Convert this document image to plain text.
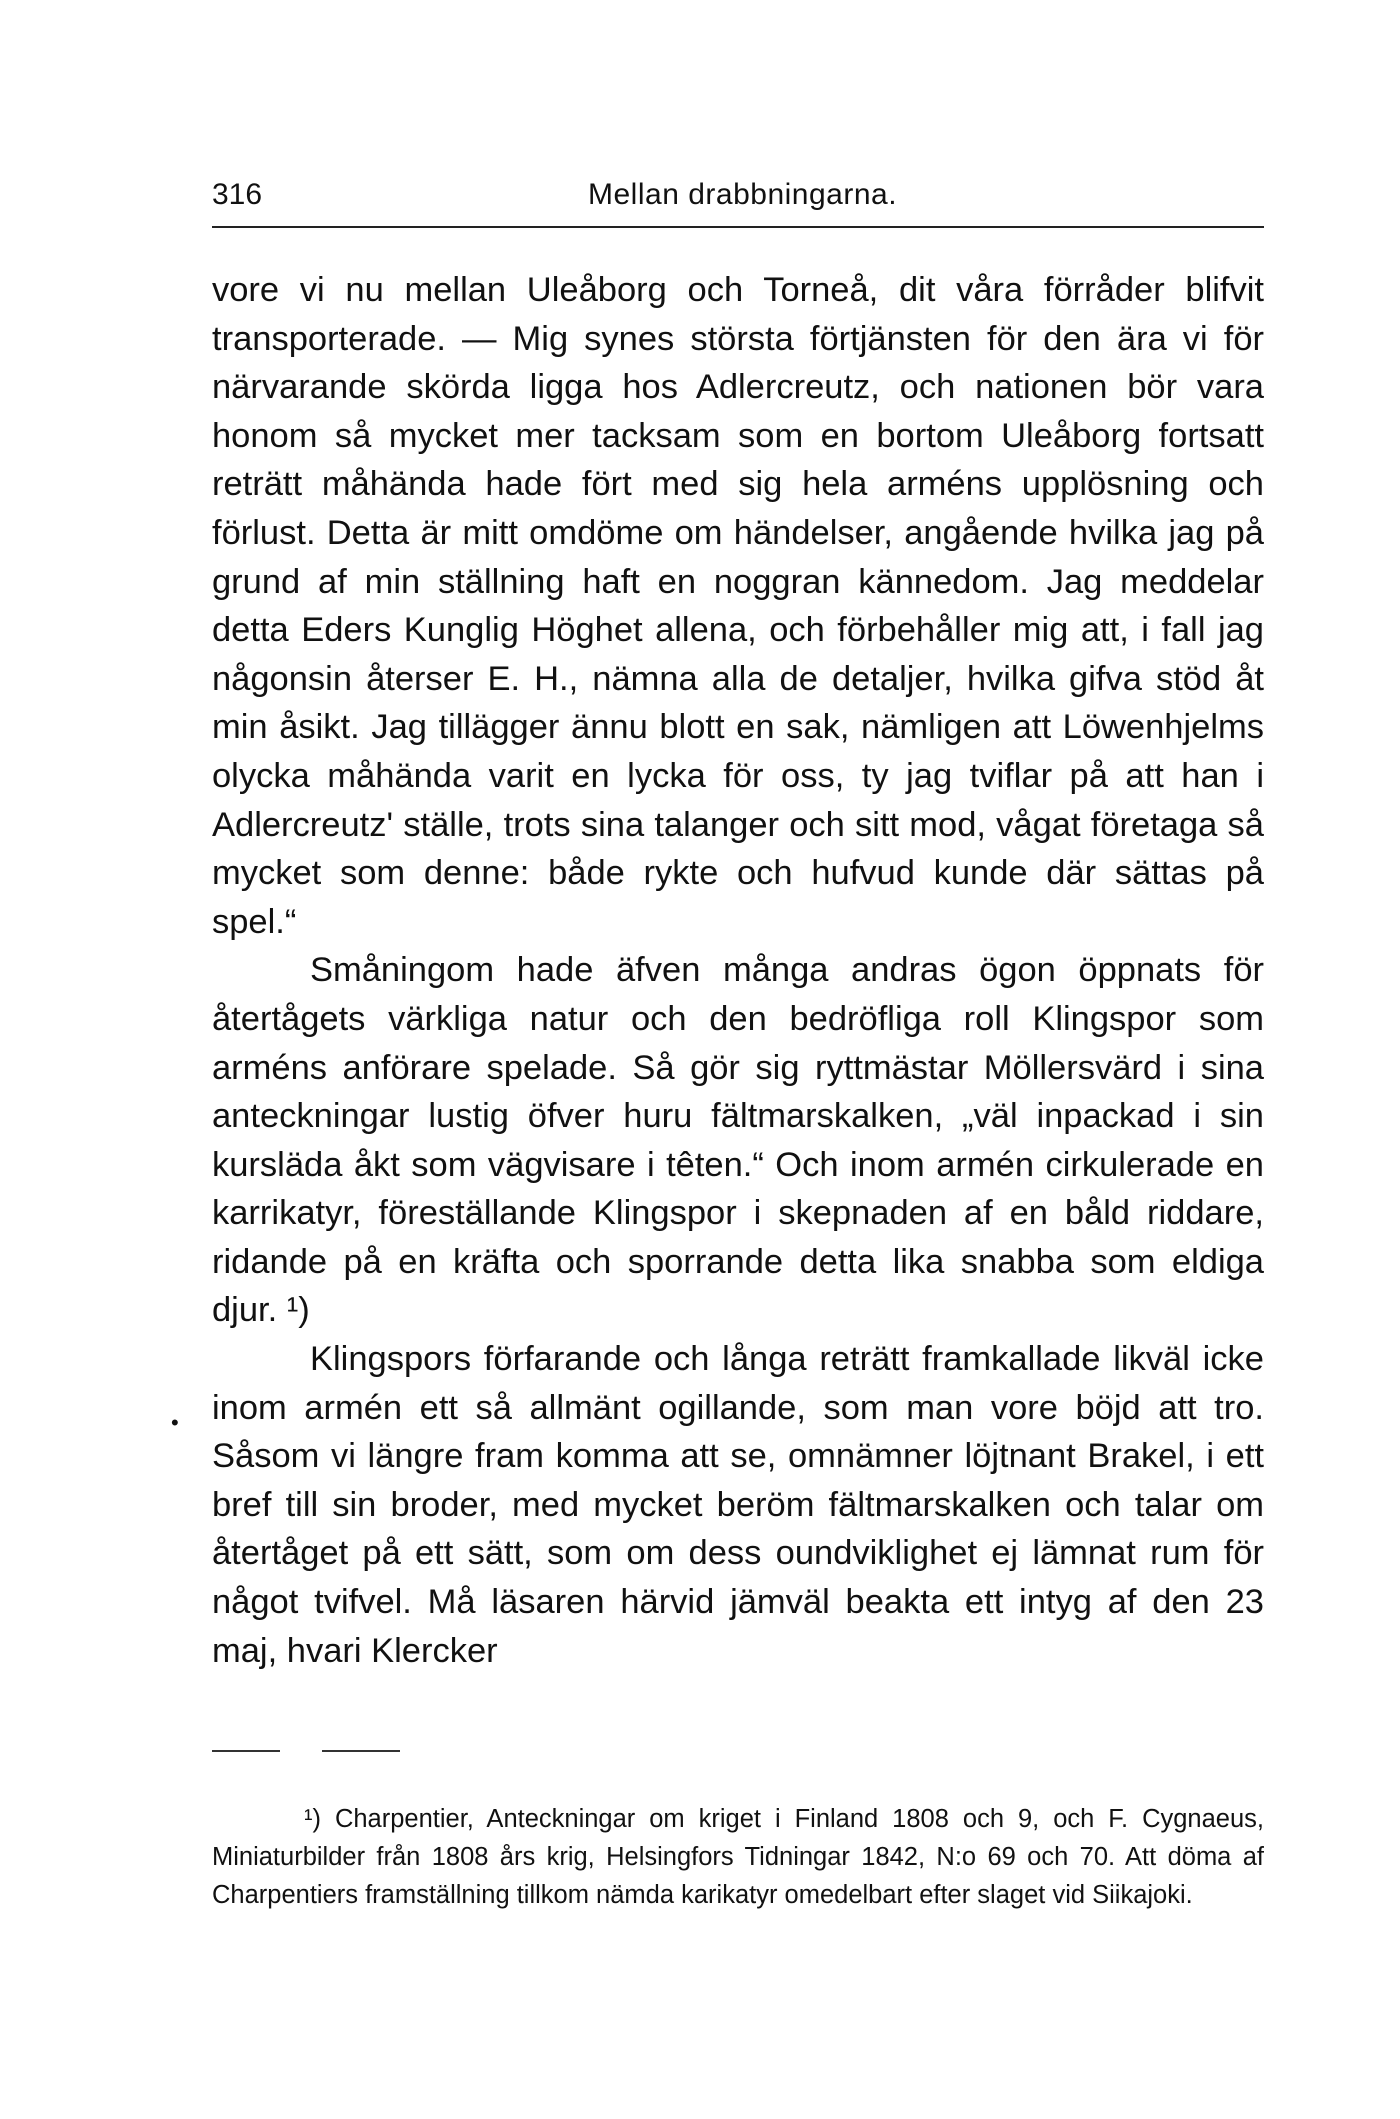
316	Mellan drabbningarna.

vore vi nu mellan Uleåborg och Torneå, dit våra förråder blifvit transporterade. — Mig synes största förtjänsten för den ära vi för närvarande skörda ligga hos Adlercreutz, och nationen bör vara honom så mycket mer tacksam som en bortom Uleåborg fortsatt reträtt måhända hade fört med sig hela arméns upplösning och förlust. Detta är mitt omdöme om händelser, angående hvilka jag på grund af min ställning haft en noggran kännedom. Jag meddelar detta Eders Kunglig Höghet allena, och förbehåller mig att, i fall jag någonsin återser E. H., nämna alla de detaljer, hvilka gifva stöd åt min åsikt. Jag tillägger ännu blott en sak, nämligen att Löwenhjelms olycka måhända varit en lycka för oss, ty jag tviflar på att han i Adlercreutz' ställe, trots sina talanger och sitt mod, vågat företaga så mycket som denne: både rykte och hufvud kunde där sättas på spel.“

Småningom hade äfven många andras ögon öppnats för återtågets värkliga natur och den bedröfliga roll Klingspor som arméns anförare spelade. Så gör sig ryttmästar Möllersvärd i sina anteckningar lustig öfver huru fältmarskalken, „väl inpackad i sin kursläda åkt som vägvisare i têten.“ Och inom armén cirkulerade en karrikatyr, föreställande Klingspor i skepnaden af en båld riddare, ridande på en kräfta och sporrande detta lika snabba som eldiga djur. ¹)

Klingspors förfarande och långa reträtt framkallade likväl icke inom armén ett så allmänt ogillande, som man vore böjd att tro. Såsom vi längre fram komma att se, omnämner löjtnant Brakel, i ett bref till sin broder, med mycket beröm fältmarskalken och talar om återtåget på ett sätt, som om dess oundviklighet ej lämnat rum för något tvifvel. Må läsaren härvid jämväl beakta ett intyg af den 23 maj, hvari Klercker

•

¹) Charpentier, Anteckningar om kriget i Finland 1808 och 9, och F. Cygnaeus, Miniaturbilder från 1808 års krig, Helsingfors Tidningar 1842, N:o 69 och 70. Att döma af Charpentiers framställning tillkom nämda karikatyr omedelbart efter slaget vid Siikajoki.
